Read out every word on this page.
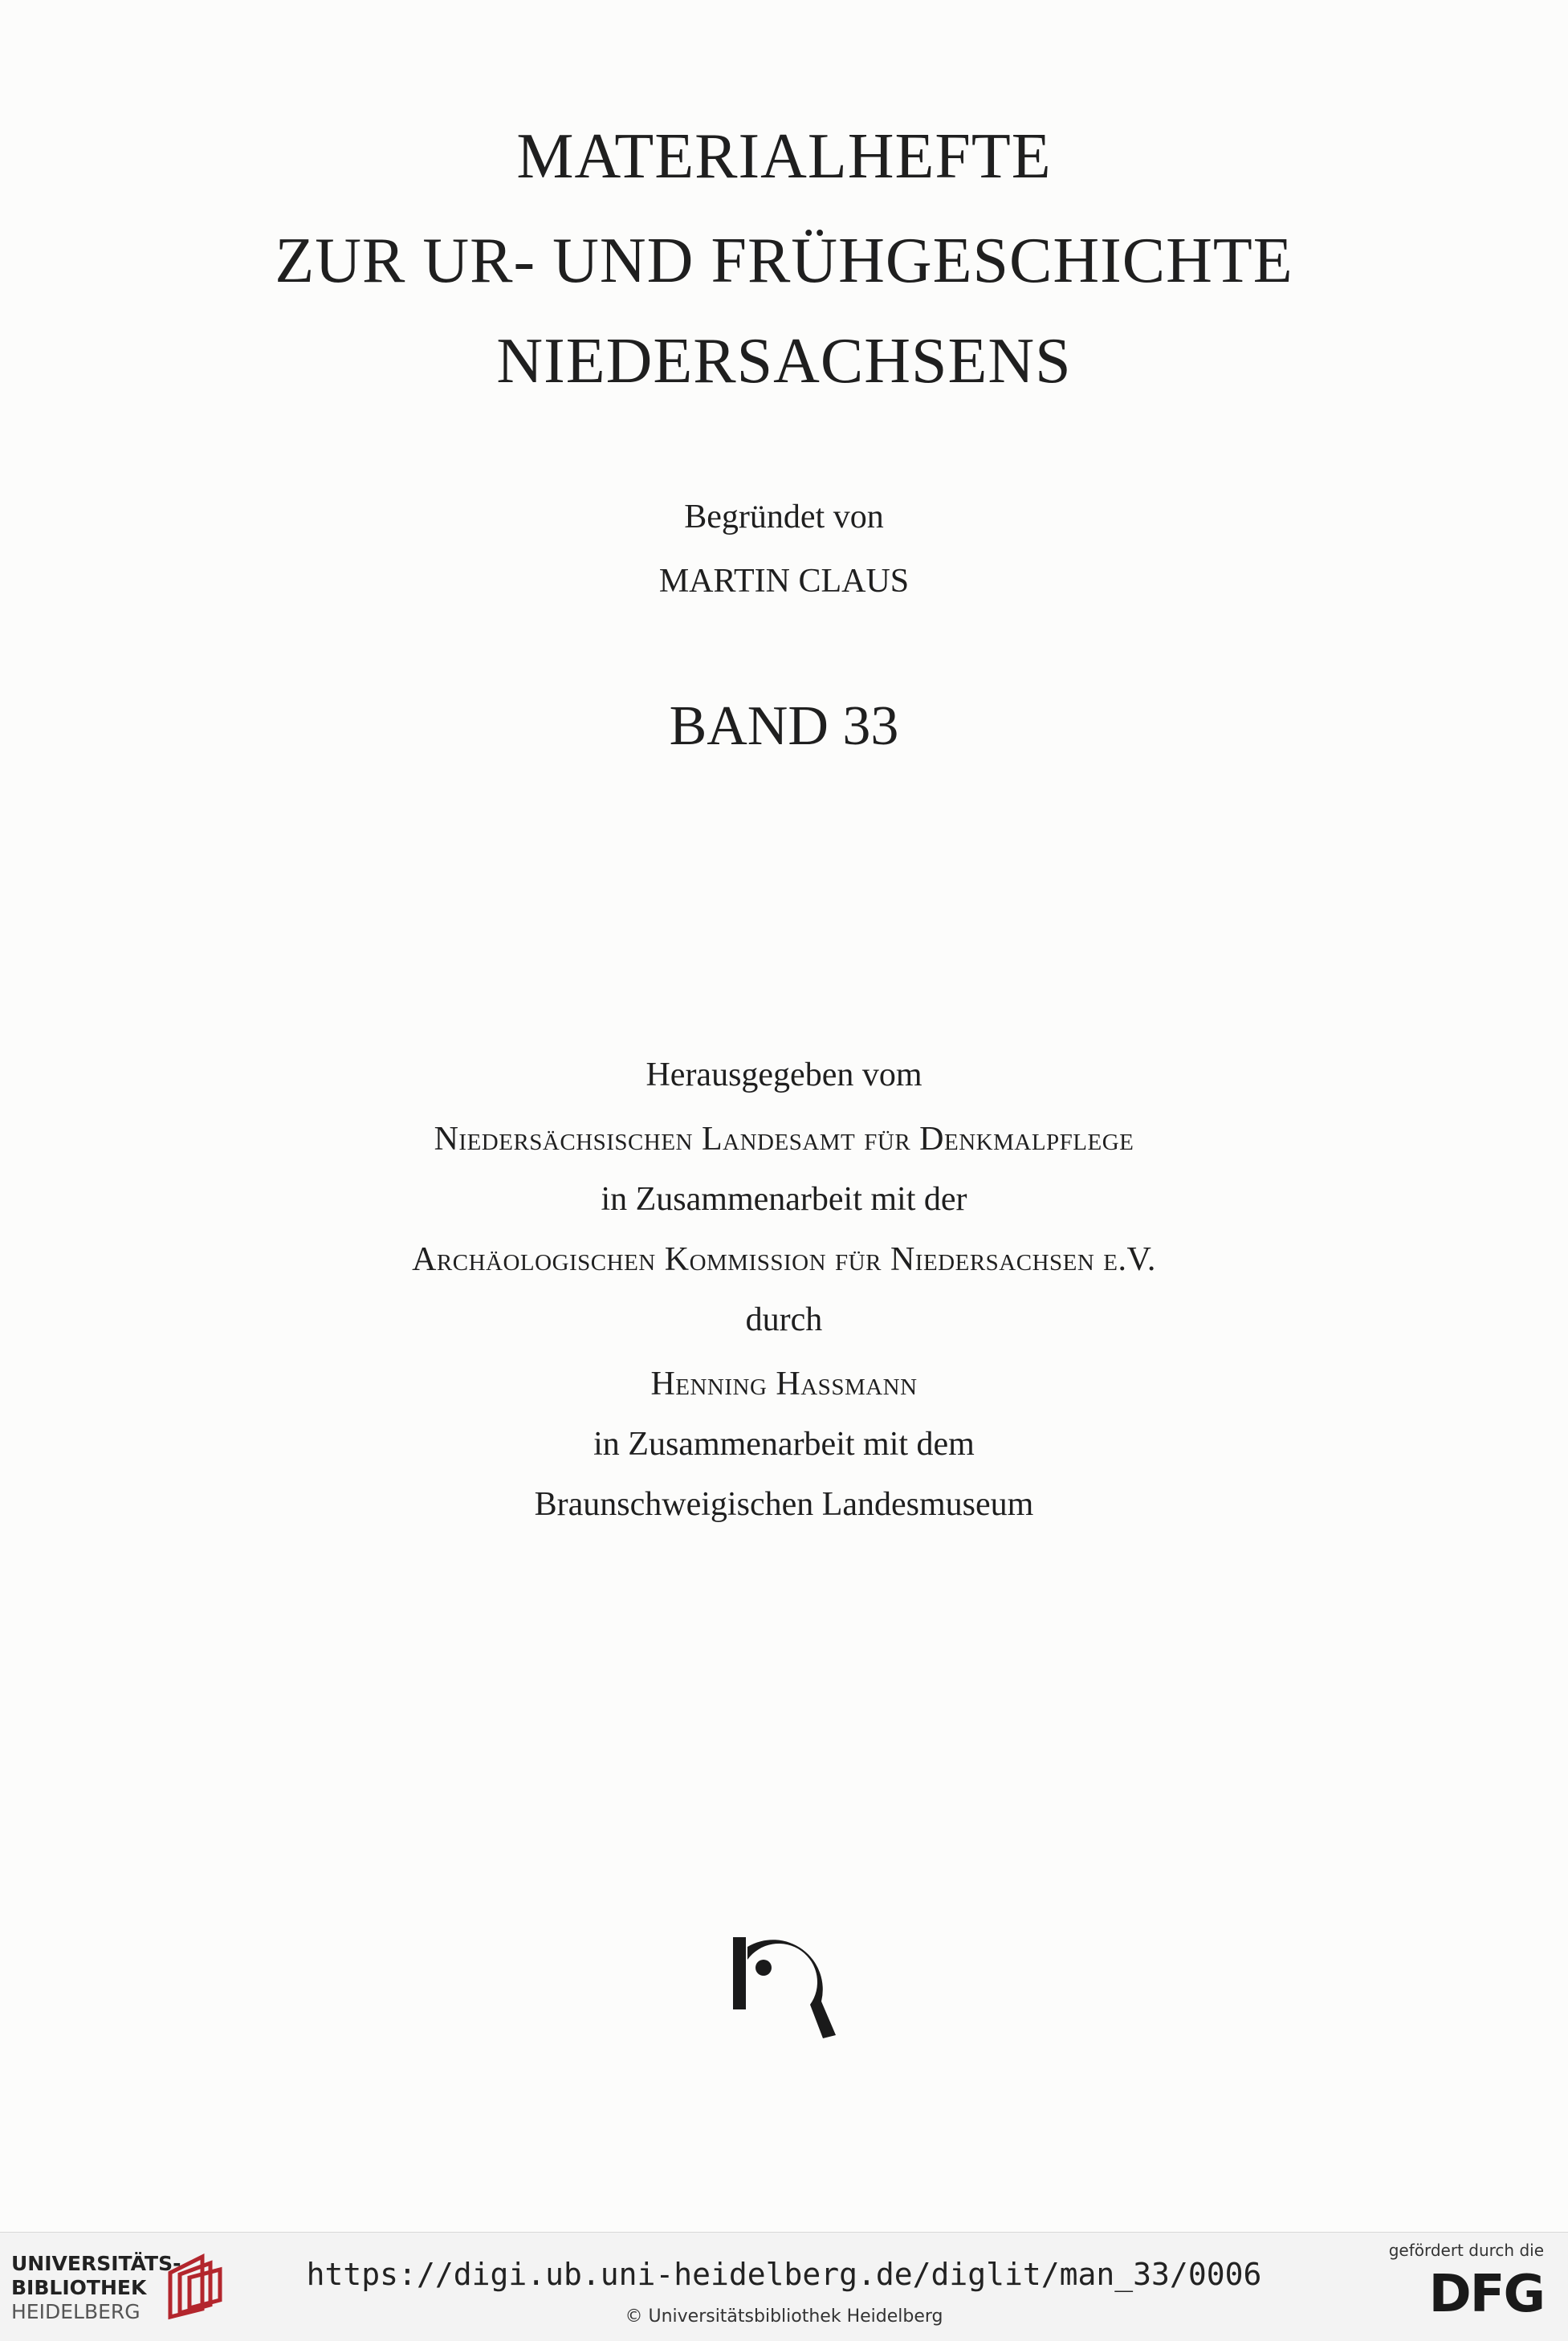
MATERIALHEFTE
ZUR UR- UND FRÜHGESCHICHTE
NIEDERSACHSENS
Begründet von
MARTIN CLAUS
BAND 33
Herausgegeben vom
Niedersächsischen Landesamt für Denkmalpflege
in Zusammenarbeit mit der
Archäologischen Kommission für Niedersachsen e.V.
durch
Henning Hassmann
in Zusammenarbeit mit dem
Braunschweigischen Landesmuseum
UNIVERSITÄTS-
BIBLIOTHEK
HEIDELBERG
https://digi.ub.uni-heidelberg.de/diglit/man_33/0006
© Universitätsbibliothek Heidelberg
gefördert durch die
DFG
